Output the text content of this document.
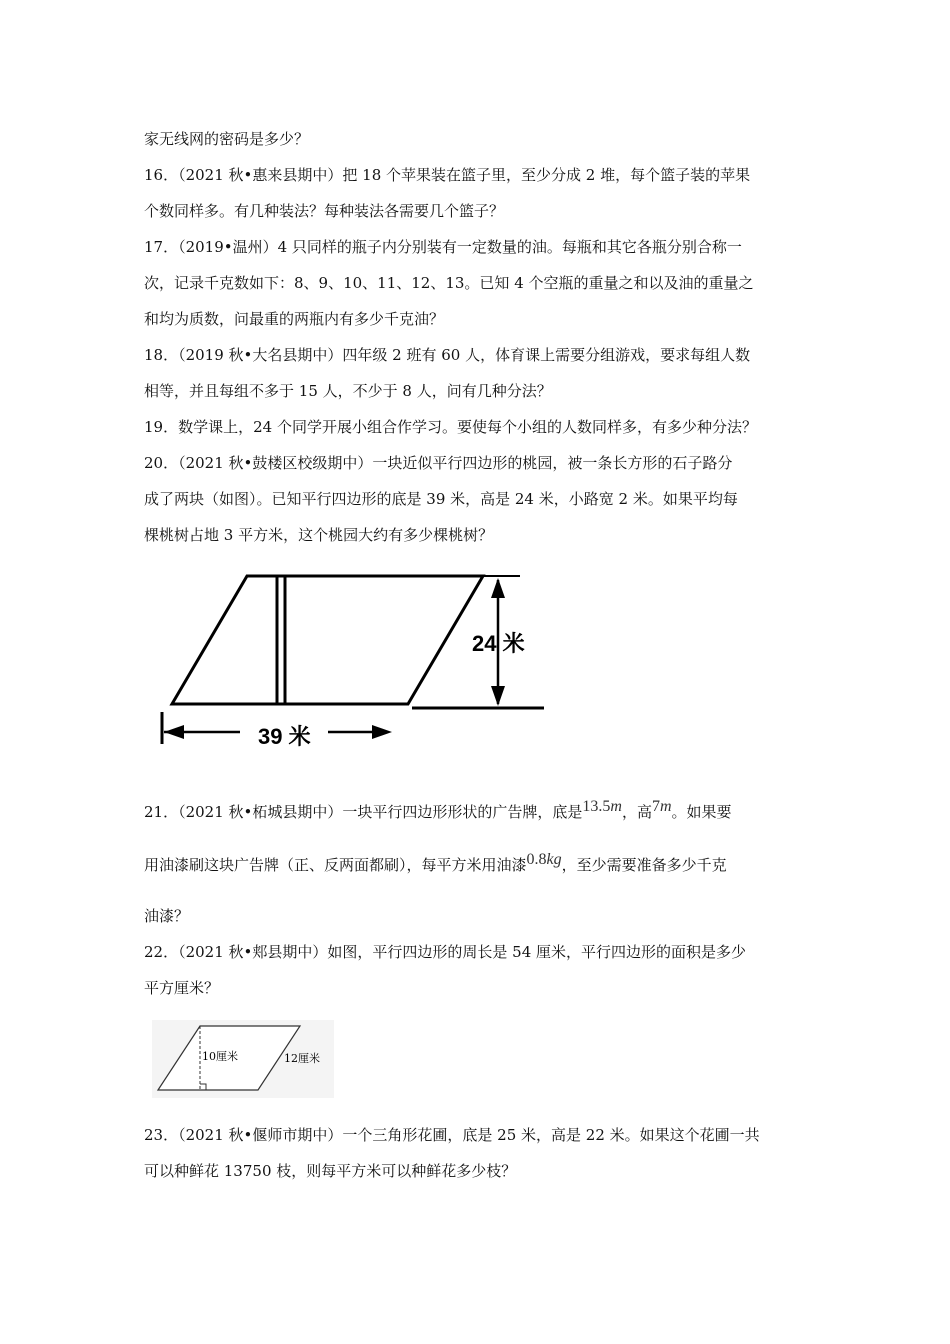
家无线网的密码是多少？
16．（2021 秋•惠来县期中）把 18 个苹果装在篮子里，至少分成 2 堆，每个篮子装的苹果
个数同样多。有几种装法？每种装法各需要几个篮子？
17．（2019•温州）4 只同样的瓶子内分别装有一定数量的油。每瓶和其它各瓶分别合称一
次，记录千克数如下：8、9、10、11、12、13。已知 4 个空瓶的重量之和以及油的重量之
和均为质数，问最重的两瓶内有多少千克油？
18．（2019 秋•大名县期中）四年级 2 班有 60 人，体育课上需要分组游戏，要求每组人数
相等，并且每组不多于 15 人，不少于 8 人，问有几种分法？
19．数学课上，24 个同学开展小组合作学习。要使每个小组的人数同样多，有多少种分法？
20．（2021 秋•鼓楼区校级期中）一块近似平行四边形的桃园，被一条长方形的石子路分
成了两块（如图）。已知平行四边形的底是 39 米，高是 24 米，小路宽 2 米。如果平均每
棵桃树占地 3 平方米，这个桃园大约有多少棵桃树？
24 米
39 米
21．（2021 秋•柘城县期中）一块平行四边形形状的广告牌，底是13.5m，高7m。如果要
用油漆刷这块广告牌（正、反两面都刷），每平方米用油漆0.8kg，至少需要准备多少千克
油漆？
22．（2021 秋•郏县期中）如图，平行四边形的周长是 54 厘米，平行四边形的面积是多少
平方厘米？
10厘米	12厘米
23．（2021 秋•偃师市期中）一个三角形花圃，底是 25 米，高是 22 米。如果这个花圃一共
可以种鲜花 13750 枝，则每平方米可以种鲜花多少枝？
